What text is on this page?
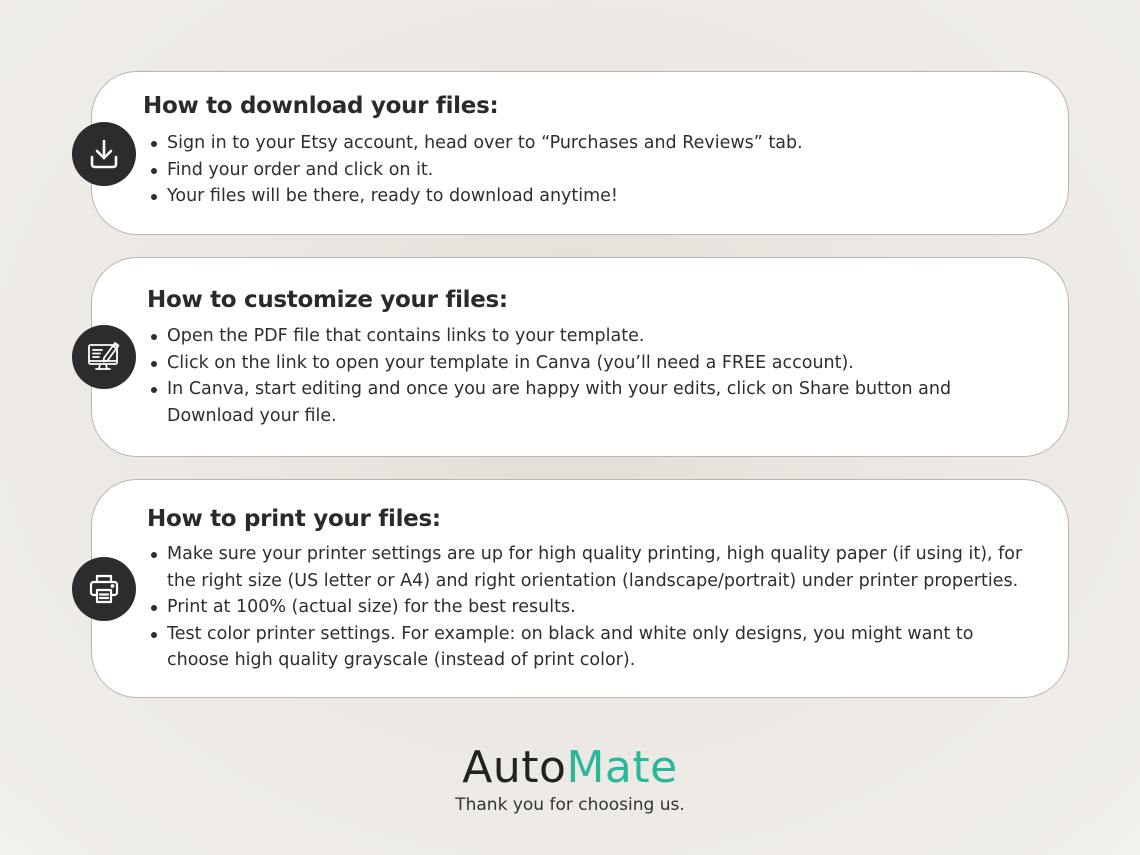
How to download your files:
Sign in to your Etsy account, head over to “Purchases and Reviews” tab.
Find your order and click on it.
Your files will be there, ready to download anytime!
How to customize your files:
Open the PDF file that contains links to your template.
Click on the link to open your template in Canva (you’ll need a FREE account).
In Canva, start editing and once you are happy with your edits, click on Share button and Download your file.
How to print your files:
Make sure your printer settings are up for high quality printing, high quality paper (if using it), for the right size (US letter or A4) and right orientation (landscape/portrait) under printer properties.
Print at 100% (actual size) for the best results.
Test color printer settings. For example: on black and white only designs, you might want to choose high quality grayscale (instead of print color).
AutoMate
Thank you for choosing us.
